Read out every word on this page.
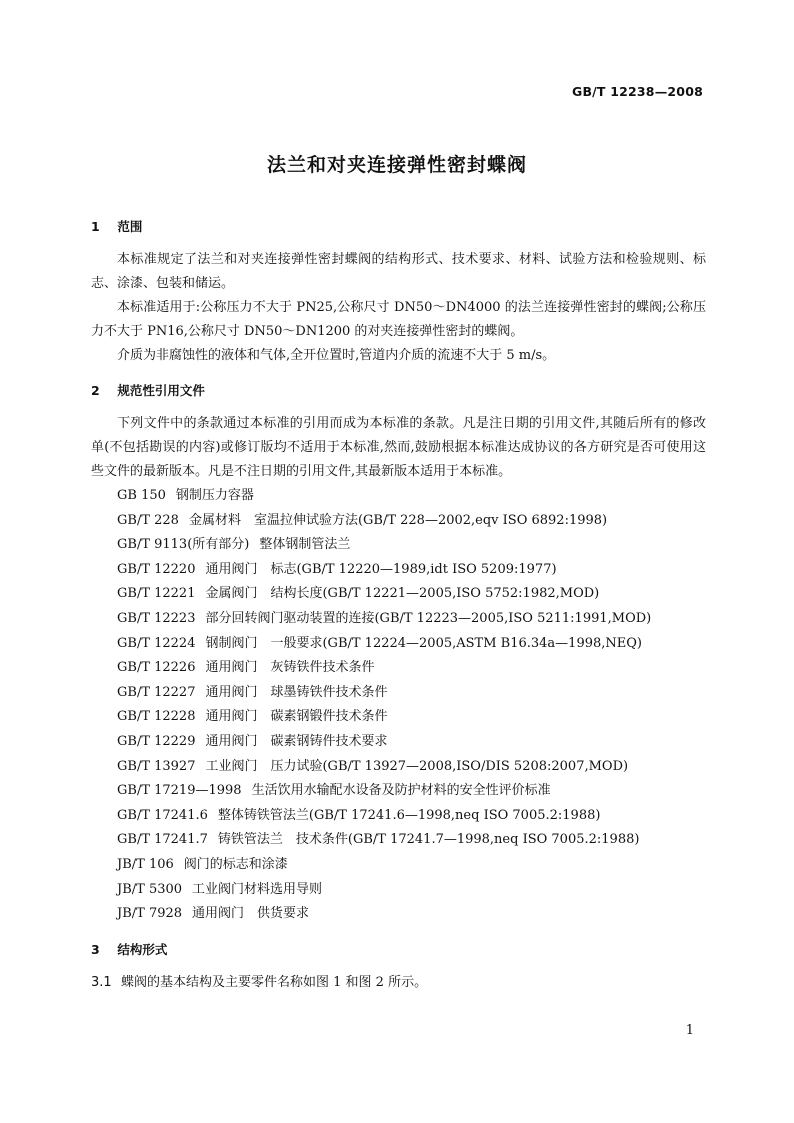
GB/T 12238—2008
法兰和对夹连接弹性密封蝶阀
1 范围

本标准规定了法兰和对夹连接弹性密封蝶阀的结构形式、技术要求、材料、试验方法和检验规则、标志、涂漆、包装和储运。

本标准适用于:公称压力不大于 PN25,公称尺寸 DN50～DN4000 的法兰连接弹性密封的蝶阀;公称压力不大于 PN16,公称尺寸 DN50～DN1200 的对夹连接弹性密封的蝶阀。

介质为非腐蚀性的液体和气体,全开位置时,管道内介质的流速不大于 5 m/s。

2 规范性引用文件

下列文件中的条款通过本标准的引用而成为本标准的条款。凡是注日期的引用文件,其随后所有的修改单(不包括勘误的内容)或修订版均不适用于本标准,然而,鼓励根据本标准达成协议的各方研究是否可使用这些文件的最新版本。凡是不注日期的引用文件,其最新版本适用于本标准。

GB 150 钢制压力容器
GB/T 228 金属材料　室温拉伸试验方法(GB/T 228—2002,eqv ISO 6892:1998)
GB/T 9113(所有部分) 整体钢制管法兰
GB/T 12220 通用阀门　标志(GB/T 12220—1989,idt ISO 5209:1977)
GB/T 12221 金属阀门　结构长度(GB/T 12221—2005,ISO 5752:1982,MOD)
GB/T 12223 部分回转阀门驱动装置的连接(GB/T 12223—2005,ISO 5211:1991,MOD)
GB/T 12224 钢制阀门　一般要求(GB/T 12224—2005,ASTM B16.34a—1998,NEQ)
GB/T 12226 通用阀门　灰铸铁件技术条件
GB/T 12227 通用阀门　球墨铸铁件技术条件
GB/T 12228 通用阀门　碳素钢锻件技术条件
GB/T 12229 通用阀门　碳素钢铸件技术要求
GB/T 13927 工业阀门　压力试验(GB/T 13927—2008,ISO/DIS 5208:2007,MOD)
GB/T 17219—1998 生活饮用水输配水设备及防护材料的安全性评价标准
GB/T 17241.6 整体铸铁管法兰(GB/T 17241.6—1998,neq ISO 7005.2:1988)
GB/T 17241.7 铸铁管法兰　技术条件(GB/T 17241.7—1998,neq ISO 7005.2:1988)
JB/T 106 阀门的标志和涂漆
JB/T 5300 工业阀门材料选用导则
JB/T 7928 通用阀门　供货要求
3 结构形式

3.1 蝶阀的基本结构及主要零件名称如图 1 和图 2 所示。

1
